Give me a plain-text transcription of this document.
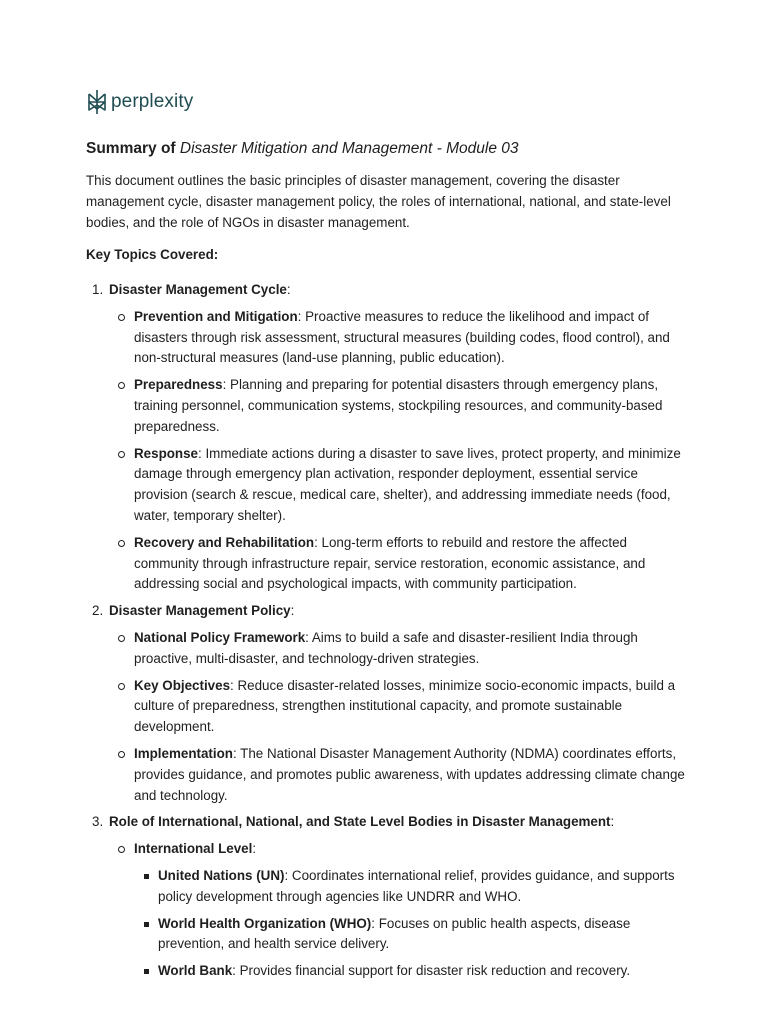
perplexity
Summary of Disaster Mitigation and Management - Module 03
This document outlines the basic principles of disaster management, covering the disaster management cycle, disaster management policy, the roles of international, national, and state-level bodies, and the role of NGOs in disaster management.
Key Topics Covered:
1. Disaster Management Cycle:
Prevention and Mitigation: Proactive measures to reduce the likelihood and impact of disasters through risk assessment, structural measures (building codes, flood control), and non-structural measures (land-use planning, public education).
Preparedness: Planning and preparing for potential disasters through emergency plans, training personnel, communication systems, stockpiling resources, and community-based preparedness.
Response: Immediate actions during a disaster to save lives, protect property, and minimize damage through emergency plan activation, responder deployment, essential service provision (search & rescue, medical care, shelter), and addressing immediate needs (food, water, temporary shelter).
Recovery and Rehabilitation: Long-term efforts to rebuild and restore the affected community through infrastructure repair, service restoration, economic assistance, and addressing social and psychological impacts, with community participation.
2. Disaster Management Policy:
National Policy Framework: Aims to build a safe and disaster-resilient India through proactive, multi-disaster, and technology-driven strategies.
Key Objectives: Reduce disaster-related losses, minimize socio-economic impacts, build a culture of preparedness, strengthen institutional capacity, and promote sustainable development.
Implementation: The National Disaster Management Authority (NDMA) coordinates efforts, provides guidance, and promotes public awareness, with updates addressing climate change and technology.
3. Role of International, National, and State Level Bodies in Disaster Management:
International Level:
United Nations (UN): Coordinates international relief, provides guidance, and supports policy development through agencies like UNDRR and WHO.
World Health Organization (WHO): Focuses on public health aspects, disease prevention, and health service delivery.
World Bank: Provides financial support for disaster risk reduction and recovery.
